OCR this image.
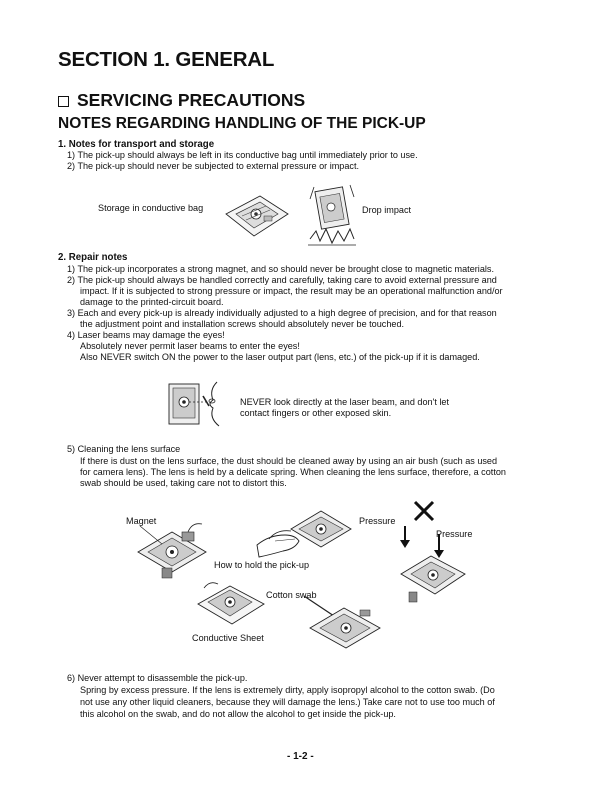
SECTION 1. GENERAL
SERVICING PRECAUTIONS
NOTES REGARDING HANDLING OF THE PICK-UP
1. Notes for transport and storage
1) The pick-up should always be left in its conductive bag until immediately prior to use.
2) The pick-up should never be subjected to external pressure or impact.
Storage in conductive bag	Drop impact
2. Repair notes
1) The pick-up incorporates a strong magnet, and so should never be brought close to magnetic materials.
2) The pick-up should always be handled correctly and carefully, taking care to avoid external pressure and
impact. If it is subjected to strong pressure or impact, the result may be an operational malfunction and/or
damage to the printed-circuit board.
3) Each and every pick-up is already individually adjusted to a high degree of precision, and for that reason
the adjustment point and installation screws should absolutely never be touched.
4) Laser beams may damage the eyes!
Absolutely never permit laser beams to enter the eyes!
Also NEVER switch ON the power to the laser output part (lens, etc.) of the pick-up if it is damaged.
NEVER look directly at the laser beam, and don't let
contact fingers or other exposed skin.
5) Cleaning the lens surface
If there is dust on the lens surface, the dust should be cleaned away by using an air bush (such as used
for camera lens). The lens is held by a delicate spring. When cleaning the lens surface, therefore, a cotton
swab should be used, taking care not to distort this.
Magnet
How to hold the pick-up
Pressure
Pressure
Conductive Sheet
Cotton swab
6) Never attempt to disassemble the pick-up.
Spring by excess pressure. If the lens is extremely dirty, apply isopropyl alcohol to the cotton swab. (Do
not use any other liquid cleaners, because they will damage the lens.) Take care not to use too much of
this alcohol on the swab, and do not allow the alcohol to get inside the pick-up.
- 1-2 -
